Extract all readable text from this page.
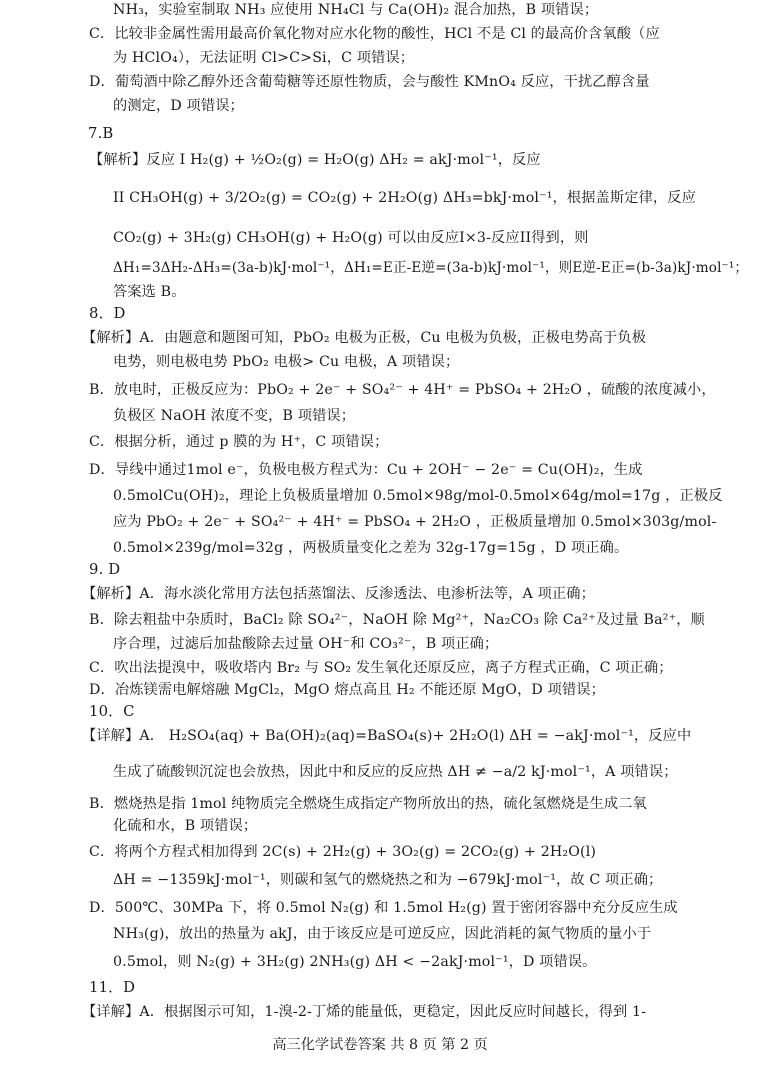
NH₃，实验室制取 NH₃ 应使用 NH₄Cl 与 Ca(OH)₂ 混合加热，B 项错误；
C．比较非金属性需用最高价氧化物对应水化物的酸性，HCl 不是 Cl 的最高价含氧酸（应
为 HClO₄），无法证明 Cl>C>Si，C 项错误；
D．葡萄酒中除乙醇外还含葡萄糖等还原性物质，会与酸性 KMnO₄ 反应，干扰乙醇含量
的测定，D 项错误；
7.B
【解析】反应 I H₂(g) + ½O₂(g) = H₂O(g) ΔH₂ = akJ·mol⁻¹，反应
II CH₃OH(g) + 3/2O₂(g) = CO₂(g) + 2H₂O(g) ΔH₃=bkJ·mol⁻¹，根据盖斯定律，反应
CO₂(g) + 3H₂(g) CH₃OH(g) + H₂O(g) 可以由反应I×3-反应II得到，则
ΔH₁=3ΔH₂-ΔH₃=(3a-b)kJ·mol⁻¹，ΔH₁=E正-E逆=(3a-b)kJ·mol⁻¹，则E逆-E正=(b-3a)kJ·mol⁻¹；
答案选 B。
8．D
【解析】A．由题意和题图可知，PbO₂ 电极为正极，Cu 电极为负极，正极电势高于负极
电势，则电极电势 PbO₂ 电极> Cu 电极，A 项错误；
B．放电时，正极反应为：PbO₂ + 2e⁻ + SO₄²⁻ + 4H⁺ = PbSO₄ + 2H₂O ，硫酸的浓度减小，
负极区 NaOH 浓度不变，B 项错误；
C．根据分析，通过 p 膜的为 H⁺，C 项错误；
D．导线中通过1mol e⁻，负极电极方程式为：Cu + 2OH⁻ − 2e⁻ = Cu(OH)₂，生成
0.5molCu(OH)₂，理论上负极质量增加 0.5mol×98g/mol-0.5mol×64g/mol=17g ，正极反
应为 PbO₂ + 2e⁻ + SO₄²⁻ + 4H⁺ = PbSO₄ + 2H₂O ，正极质量增加 0.5mol×303g/mol-
0.5mol×239g/mol=32g ，两极质量变化之差为 32g-17g=15g ，D 项正确。
9. D
【解析】A．海水淡化常用方法包括蒸馏法、反渗透法、电渗析法等，A 项正确；
B．除去粗盐中杂质时，BaCl₂ 除 SO₄²⁻，NaOH 除 Mg²⁺，Na₂CO₃ 除 Ca²⁺及过量 Ba²⁺，顺
序合理，过滤后加盐酸除去过量 OH⁻和 CO₃²⁻，B 项正确；
C．吹出法提溴中，吸收塔内 Br₂ 与 SO₂ 发生氧化还原反应，离子方程式正确，C 项正确；
D．冶炼镁需电解熔融 MgCl₂，MgO 熔点高且 H₂ 不能还原 MgO，D 项错误；
10．C
【详解】A． H₂SO₄(aq) + Ba(OH)₂(aq)=BaSO₄(s)+ 2H₂O(l) ΔH = −akJ·mol⁻¹，反应中
生成了硫酸钡沉淀也会放热，因此中和反应的反应热 ΔH ≠ −a/2 kJ·mol⁻¹，A 项错误；
B．燃烧热是指 1mol 纯物质完全燃烧生成指定产物所放出的热，硫化氢燃烧是生成二氧
化硫和水，B 项错误；
C．将两个方程式相加得到 2C(s) + 2H₂(g) + 3O₂(g) = 2CO₂(g) + 2H₂O(l)
ΔH = −1359kJ·mol⁻¹，则碳和氢气的燃烧热之和为 −679kJ·mol⁻¹，故 C 项正确；
D．500℃、30MPa 下，将 0.5mol N₂(g) 和 1.5mol H₂(g) 置于密闭容器中充分反应生成
NH₃(g)，放出的热量为 akJ，由于该反应是可逆反应，因此消耗的氮气物质的量小于
0.5mol，则 N₂(g) + 3H₂(g) 2NH₃(g) ΔH < −2akJ·mol⁻¹，D 项错误。
11．D
【详解】A．根据图示可知，1-溴-2-丁烯的能量低，更稳定，因此反应时间越长，得到 1-
高三化学试卷答案 共 8 页 第 2 页
